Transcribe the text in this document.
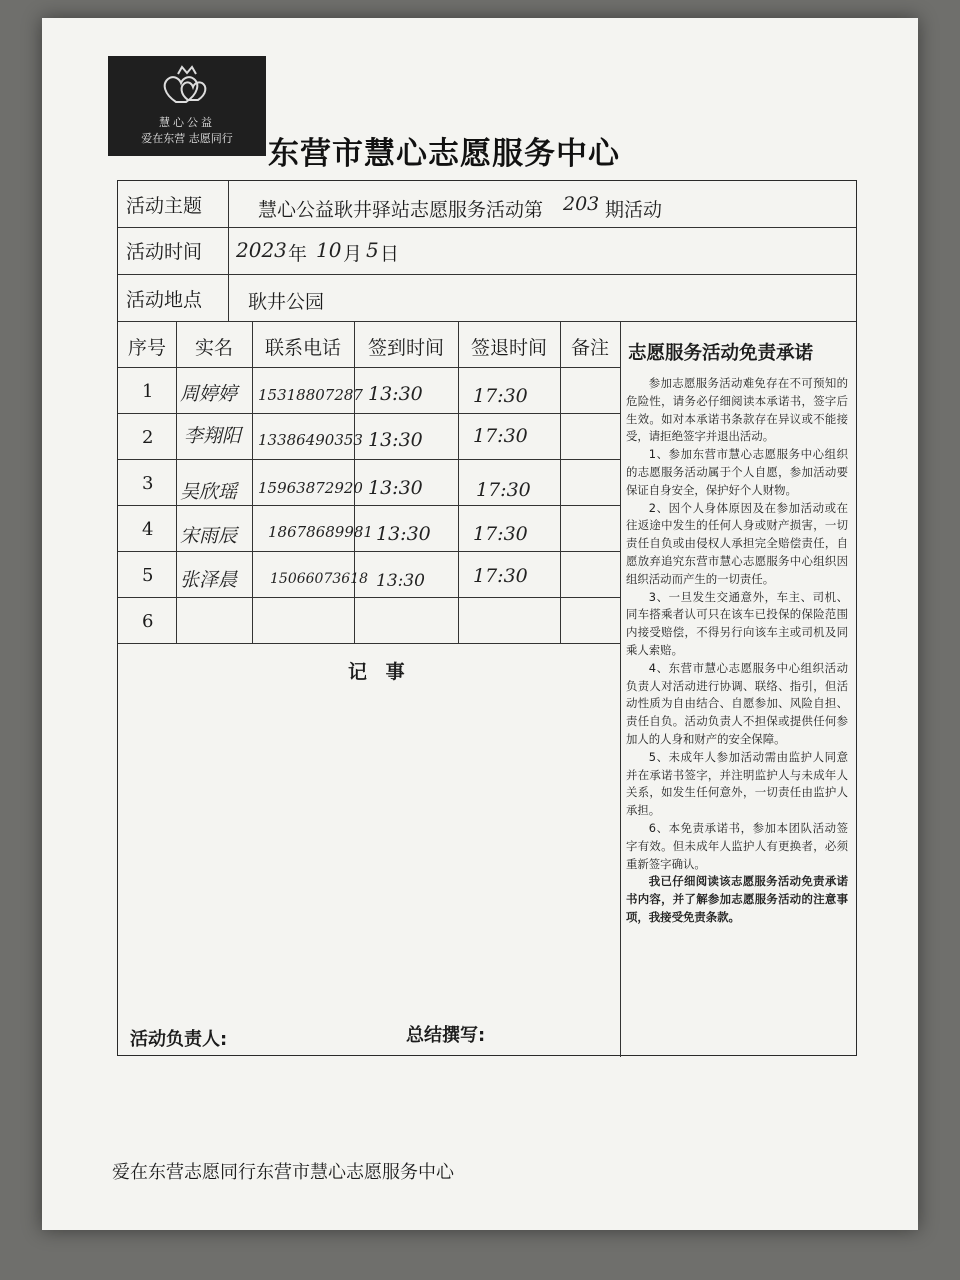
慧心公益
爱在东营 志愿同行	东营市慧心志愿服务中心
活动主题	慧心公益耿井驿站志愿服务活动第 203 期活动
活动时间 2023 年 10 月 5 日
活动地点 耿井公园
序号	实名	联系电话	签到时间	签退时间	备注
1 周婷婷 15318807287 13:30	17:30
2 李翔阳 13386490353 13:30	17:30
3 吴欣瑶 15963872920 13:30	17:30
4 宋雨辰 18678689981 13:30 17:30
5 张泽晨 15066073618 13:30	17:30
6
记 事
活动负责人:	总结撰写:
志愿服务活动免责承诺

参加志愿服务活动难免存在不可预知的危险性，请务必仔细阅读本承诺书，签字后生效。如对本承诺书条款存在异议或不能接受，请拒绝签字并退出活动。

1、参加东营市慧心志愿服务中心组织的志愿服务活动属于个人自愿，参加活动要保证自身安全，保护好个人财物。

2、因个人身体原因及在参加活动或在往返途中发生的任何人身或财产损害，一切责任自负或由侵权人承担完全赔偿责任，自愿放弃追究东营市慧心志愿服务中心组织因组织活动而产生的一切责任。

3、一旦发生交通意外，车主、司机、同车搭乘者认可只在该车已投保的保险范围内接受赔偿，不得另行向该车主或司机及同乘人索赔。

4、东营市慧心志愿服务中心组织活动负责人对活动进行协调、联络、指引，但活动性质为自由结合、自愿参加、风险自担、责任自负。活动负责人不担保或提供任何参加人的人身和财产的安全保障。

5、未成年人参加活动需由监护人同意并在承诺书签字，并注明监护人与未成年人关系，如发生任何意外，一切责任由监护人承担。

6、本免责承诺书，参加本团队活动签字有效。但未成年人监护人有更换者，必须重新签字确认。

我已仔细阅读该志愿服务活动免责承诺书内容，并了解参加志愿服务活动的注意事项，我接受免责条款。

爱在东营志愿同行东营市慧心志愿服务中心
